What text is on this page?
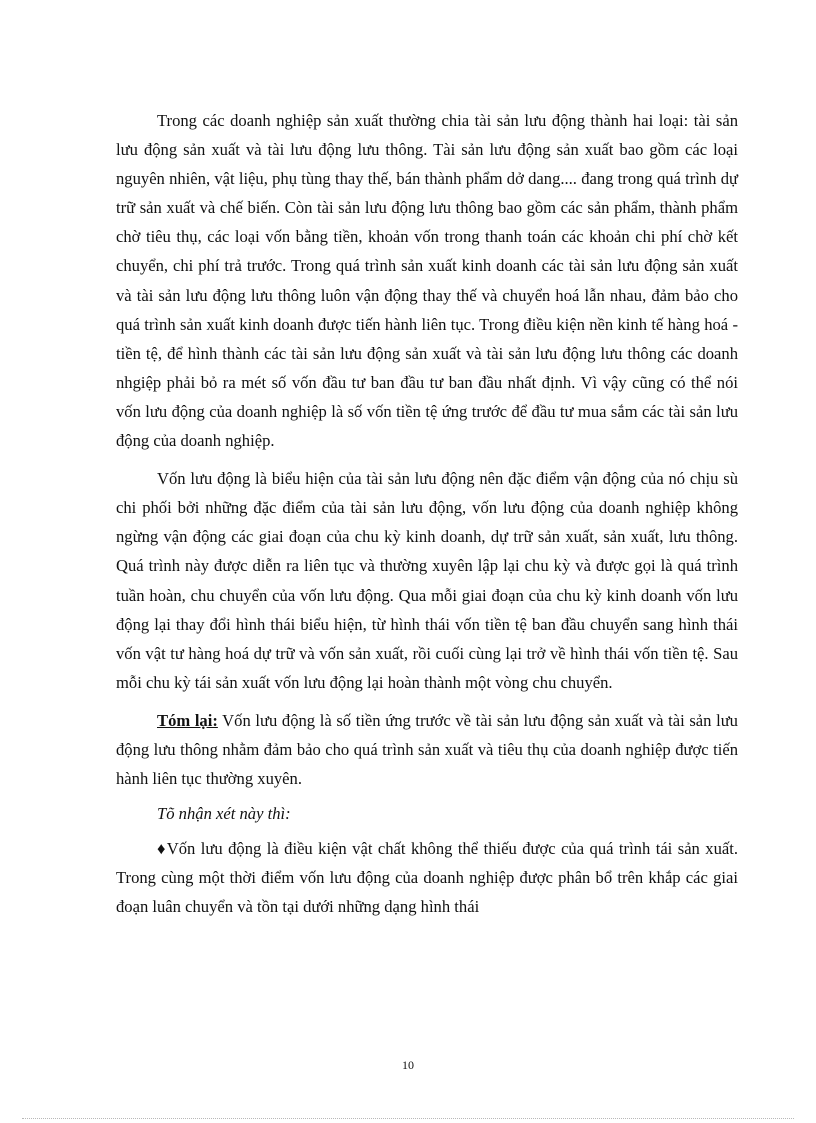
Trong các doanh nghiệp sản xuất thường chia tài sản lưu động thành hai loại: tài sản lưu động sản xuất và tài lưu động lưu thông. Tài sản lưu động sản xuất bao gồm các loại nguyên nhiên, vật liệu, phụ tùng thay thế, bán thành phẩm dở dang.... đang trong quá trình dự trữ sản xuất và chế biến. Còn tài sản lưu động lưu thông bao gồm các sản phẩm, thành phẩm chờ tiêu thụ, các loại vốn bằng tiền, khoản vốn trong thanh toán các khoản chi phí chờ kết chuyển, chi phí trả trước. Trong quá trình sản xuất kinh doanh các tài sản lưu động sản xuất và tài sản lưu động lưu thông luôn vận động thay thế và chuyển hoá lẫn nhau, đảm bảo cho quá trình sản xuất kinh doanh được tiến hành liên tục. Trong điều kiện nền kinh tế hàng hoá - tiền tệ, để hình thành các tài sản lưu động sản xuất và tài sản lưu động lưu thông các doanh nhgiệp phải bỏ ra mét số vốn đầu tư ban đầu tư ban đầu nhất định. Vì vậy cũng có thể nói vốn lưu động của doanh nghiệp là số vốn tiền tệ ứng trước để đầu tư mua sắm các tài sản lưu động của doanh nghiệp.

Vốn lưu động là biểu hiện của tài sản lưu động nên đặc điểm vận động của nó chịu sù chi phối bởi những đặc điểm của tài sản lưu động, vốn lưu động của doanh nghiệp không ngừng vận động các giai đoạn của chu kỳ kinh doanh, dự trữ sản xuất, sản xuất, lưu thông. Quá trình này được diễn ra liên tục và thường xuyên lập lại chu kỳ và được gọi là quá trình tuần hoàn, chu chuyển của vốn lưu động. Qua mỗi giai đoạn của chu kỳ kinh doanh vốn lưu động lại thay đổi hình thái biểu hiện, từ hình thái vốn tiền tệ ban đầu chuyển sang hình thái vốn vật tư hàng hoá dự trữ và vốn sản xuất, rồi cuối cùng lại trở về hình thái vốn tiền tệ. Sau mỗi chu kỳ tái sản xuất vốn lưu động lại hoàn thành một vòng chu chuyển.

Tóm lại: Vốn lưu động là số tiền ứng trước về tài sản lưu động sản xuất và tài sản lưu động lưu thông nhằm đảm bảo cho quá trình sản xuất và tiêu thụ của doanh nghiệp được tiến hành liên tục thường xuyên.

Tõ nhận xét này thì:

♦Vốn lưu động là điều kiện vật chất không thể thiếu được của quá trình tái sản xuất. Trong cùng một thời điểm vốn lưu động của doanh nghiệp được phân bổ trên khắp các giai đoạn luân chuyển và tồn tại dưới những dạng hình thái

10
